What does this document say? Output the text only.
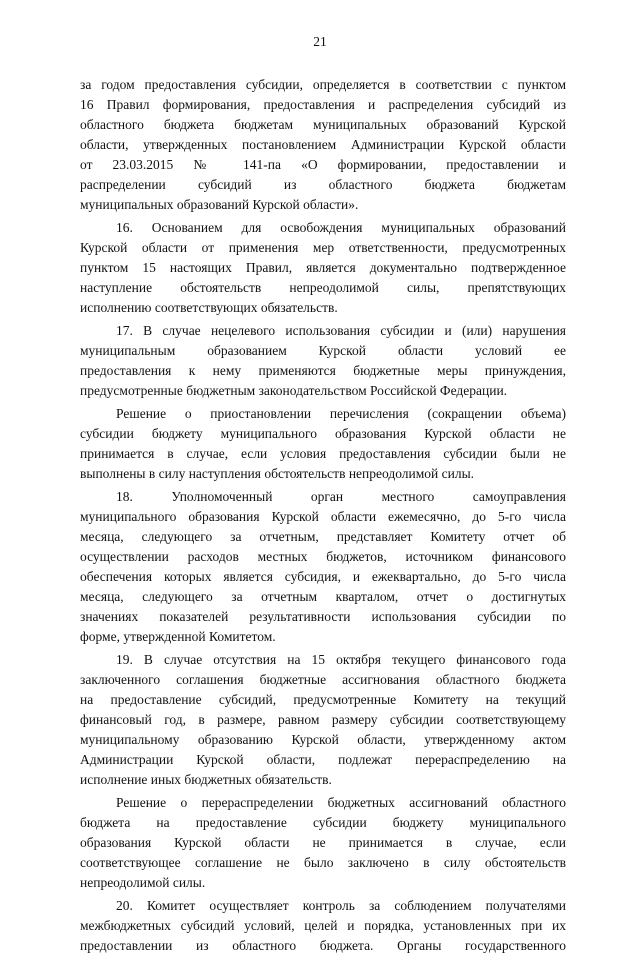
21
за годом предоставления субсидии, определяется в соответствии с пунктом
16 Правил формирования, предоставления и распределения субсидий из
областного бюджета бюджетам муниципальных образований Курской
области, утвержденных постановлением Администрации Курской области
от 23.03.2015 № 141-па «О формировании, предоставлении и
распределении субсидий из областного бюджета бюджетам
муниципальных образований Курской области».
16. Основанием для освобождения муниципальных образований
Курской области от применения мер ответственности, предусмотренных
пунктом 15 настоящих Правил, является документально подтвержденное
наступление обстоятельств непреодолимой силы, препятствующих
исполнению соответствующих обязательств.
17. В случае нецелевого использования субсидии и (или) нарушения
муниципальным образованием Курской области условий ее
предоставления к нему применяются бюджетные меры принуждения,
предусмотренные бюджетным законодательством Российской Федерации.
Решение о приостановлении перечисления (сокращении объема)
субсидии бюджету муниципального образования Курской области не
принимается в случае, если условия предоставления субсидии были не
выполнены в силу наступления обстоятельств непреодолимой силы.
18. Уполномоченный орган местного самоуправления
муниципального образования Курской области ежемесячно, до 5-го числа
месяца, следующего за отчетным, представляет Комитету отчет об
осуществлении расходов местных бюджетов, источником финансового
обеспечения которых является субсидия, и ежеквартально, до 5-го числа
месяца, следующего за отчетным кварталом, отчет о достигнутых
значениях показателей результативности использования субсидии по
форме, утвержденной Комитетом.
19. В случае отсутствия на 15 октября текущего финансового года
заключенного соглашения бюджетные ассигнования областного бюджета
на предоставление субсидий, предусмотренные Комитету на текущий
финансовый год, в размере, равном размеру субсидии соответствующему
муниципальному образованию Курской области, утвержденному актом
Администрации Курской области, подлежат перераспределению на
исполнение иных бюджетных обязательств.
Решение о перераспределении бюджетных ассигнований областного
бюджета на предоставление субсидии бюджету муниципального
образования Курской области не принимается в случае, если
соответствующее соглашение не было заключено в силу обстоятельств
непреодолимой силы.
20. Комитет осуществляет контроль за соблюдением получателями
межбюджетных субсидий условий, целей и порядка, установленных при их
предоставлении из областного бюджета. Органы государственного
